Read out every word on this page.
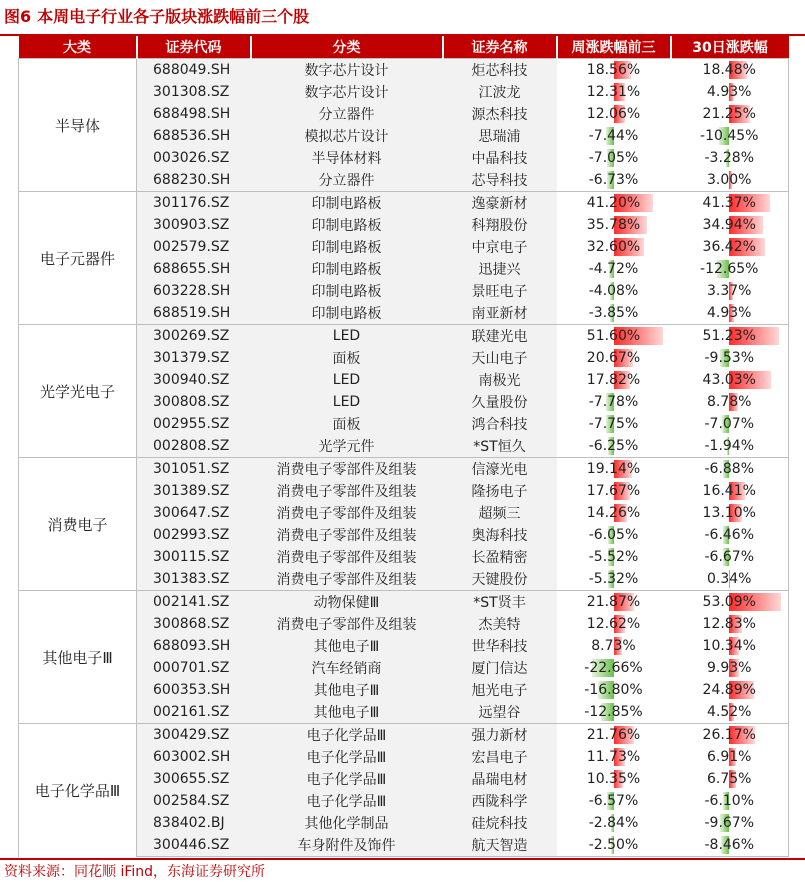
图6 本周电子行业各子版块涨跌幅前三个股
大类	证券代码	分类	证券名称	周涨跌幅前三	30日涨跌幅
半导体	688049.SH	数字芯片设计	炬芯科技	18.56%	18.48%
	301308.SZ	数字芯片设计	江波龙	12.31%	4.93%
	688498.SH	分立器件	源杰科技	12.06%	21.25%
	688536.SH	模拟芯片设计	思瑞浦	-7.44%	-10.45%
	003026.SZ	半导体材料	中晶科技	-7.05%	-3.28%
	688230.SH	分立器件	芯导科技	-6.73%	3.00%
电子元器件	301176.SZ	印制电路板	逸豪新材	41.20%	41.37%
	300903.SZ	印制电路板	科翔股份	35.78%	34.94%
	002579.SZ	印制电路板	中京电子	32.60%	36.42%
	688655.SH	印制电路板	迅捷兴	-4.72%	-12.65%
	603228.SH	印制电路板	景旺电子	-4.08%	3.37%
	688519.SH	印制电路板	南亚新材	-3.85%	4.93%
光学光电子	300269.SZ	LED	联建光电	51.60%	51.23%
	301379.SZ	面板	天山电子	20.67%	-9.53%
	300940.SZ	LED	南极光	17.82%	43.03%
	300808.SZ	LED	久量股份	-7.78%	8.78%
	002955.SZ	面板	鸿合科技	-7.75%	-7.07%
	002808.SZ	光学元件	*ST恒久	-6.25%	-1.94%
消费电子	301051.SZ	消费电子零部件及组装	信濠光电	19.14%	-6.88%
	301389.SZ	消费电子零部件及组装	隆扬电子	17.67%	16.41%
	300647.SZ	消费电子零部件及组装	超频三	14.26%	13.10%
	002993.SZ	消费电子零部件及组装	奥海科技	-6.05%	-6.46%
	300115.SZ	消费电子零部件及组装	长盈精密	-5.52%	-6.67%
	301383.SZ	消费电子零部件及组装	天键股份	-5.32%	0.34%
其他电子Ⅲ	002141.SZ	动物保健Ⅲ	*ST贤丰	21.87%	53.09%
	300868.SZ	消费电子零部件及组装	杰美特	12.62%	12.83%
	688093.SH	其他电子Ⅲ	世华科技	8.73%	10.34%
	000701.SZ	汽车经销商	厦门信达	-22.66%	9.93%
	600353.SH	其他电子Ⅲ	旭光电子	-16.80%	24.89%
	002161.SZ	其他电子Ⅲ	远望谷	-12.85%	4.52%
电子化学品Ⅲ	300429.SZ	电子化学品Ⅲ	强力新材	21.76%	26.17%
	603002.SH	电子化学品Ⅲ	宏昌电子	11.73%	6.91%
	300655.SZ	电子化学品Ⅲ	晶瑞电材	10.35%	6.75%
	002584.SZ	电子化学品Ⅲ	西陇科学	-6.57%	-6.10%
	838402.BJ	其他化学制品	硅烷科技	-2.84%	-9.67%
	300446.SZ	车身附件及饰件	航天智造	-2.50%	-8.46%
资料来源：同花顺 iFind，东海证券研究所
